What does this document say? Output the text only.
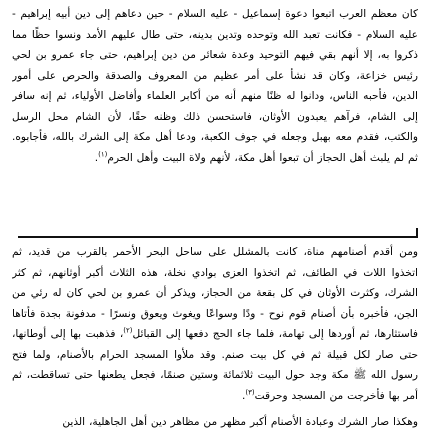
كان معظم العرب اتبعوا دعوة إسماعيل - عليه السلام - حين دعاهم إلى دين أبيه إبراهيم - عليه السلام - فكانت تعبد الله وتوحده وتدين بدينه، حتى طال عليهم الأمد ونسوا حظًا مما ذكروا به، إلا أنهم بقي فيهم التوحيد وعدة شعائر من دين إبراهيم، حتى جاء عمرو بن لحي رئيس خزاعة، وكان قد نشأ على أمر عظيم من المعروف والصدقة والحرص على أمور الدين، فأحبه الناس، ودانوا له ظنًا منهم أنه من أكابر العلماء وأفاضل الأولياء، ثم إنه سافر إلى الشام، فرآهم يعبدون الأوثان، فاستحسن ذلك وظنه حقًا، لأن الشام محل الرسل والكتب، فقدم معه بهبل وجعله في جوف الكعبة، ودعا أهل مكة إلى الشرك بالله، فأجابوه. ثم لم يلبث أهل الحجاز أن تبعوا أهل مكة، لأنهم ولاة البيت وأهل الحرم$^{(١)}$.

ومن أقدم أصنامهم مناة، كانت بالمشلل على ساحل البحر الأحمر بالقرب من قديد، ثم اتخذوا اللات في الطائف، ثم اتخذوا العزى بوادي نخلة، هذه الثلاث أكبر أوثانهم، ثم كثر الشرك، وكثرت الأوثان في كل بقعة من الحجاز، ويذكر أن عمرو بن لحي كان له رئي من الجن، فأخبره بأن أصنام قوم نوح - ودًا وسواعًا ويغوث ويعوق ونسرًا - مدفونة بجدة فأتاها فاستثارها، ثم أوردها إلى تهامة، فلما جاء الحج دفعها إلى القبائل$^{(٢)}$، فذهبت بها إلى أوطانها، حتى صار لكل قبيلة ثم في كل بيت صنم. وقد ملأوا المسجد الحرام بالأصنام، ولما فتح رسول الله ﷺ مكة وجد حول البيت ثلاثمائة وستين صنمًا، فجعل يطعنها حتى تساقطت، ثم أمر بها فأخرجت من المسجد وحرقت$^{(٣)}$.

وهكذا صار الشرك وعبادة الأصنام أكبر مظهر من مظاهر دين أهل الجاهلية، الذين
